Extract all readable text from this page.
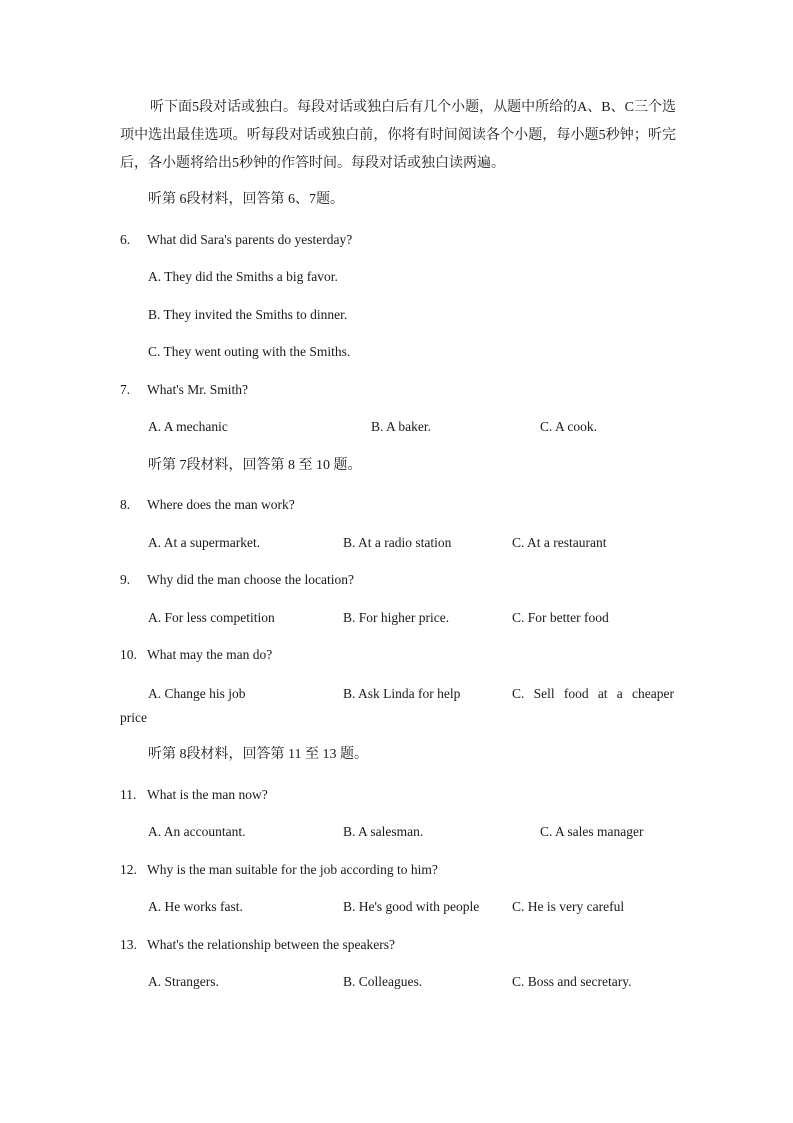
听下面5段对话或独白。每段对话或独白后有几个小题，从题中所给的A、B、C三个选项中选出最佳选项。听每段对话或独白前，你将有时间阅读各个小题，每小题5秒钟；听完后，各小题将给出5秒钟的作答时间。每段对话或独白读两遍。
听第 6段材料，回答第 6、7题。
6. What did Sara's parents do yesterday?
A. They did the Smiths a big favor.
B. They invited the Smiths to dinner.
C. They went outing with the Smiths.
7. What's Mr. Smith?
A. A mechanic	B. A baker.	C. A cook.
听第 7段材料，回答第 8 至 10 题。
8. Where does the man work?
A. At a supermarket.	B. At a radio station	C. At a restaurant
9. Why did the man choose the location?
A. For less competition	B. For higher price.	C. For better food
10. What may the man do?
A. Change his job	B. Ask Linda for help	C. Sell food at a cheaper
price
听第 8段材料，回答第 11 至 13 题。
11. What is the man now?
A. An accountant.	B. A salesman.	C. A sales manager
12. Why is the man suitable for the job according to him?
A. He works fast.	B. He's good with people C. He is very careful
13. What's the relationship between the speakers?
A. Strangers.	B. Colleagues.	C. Boss and secretary.
